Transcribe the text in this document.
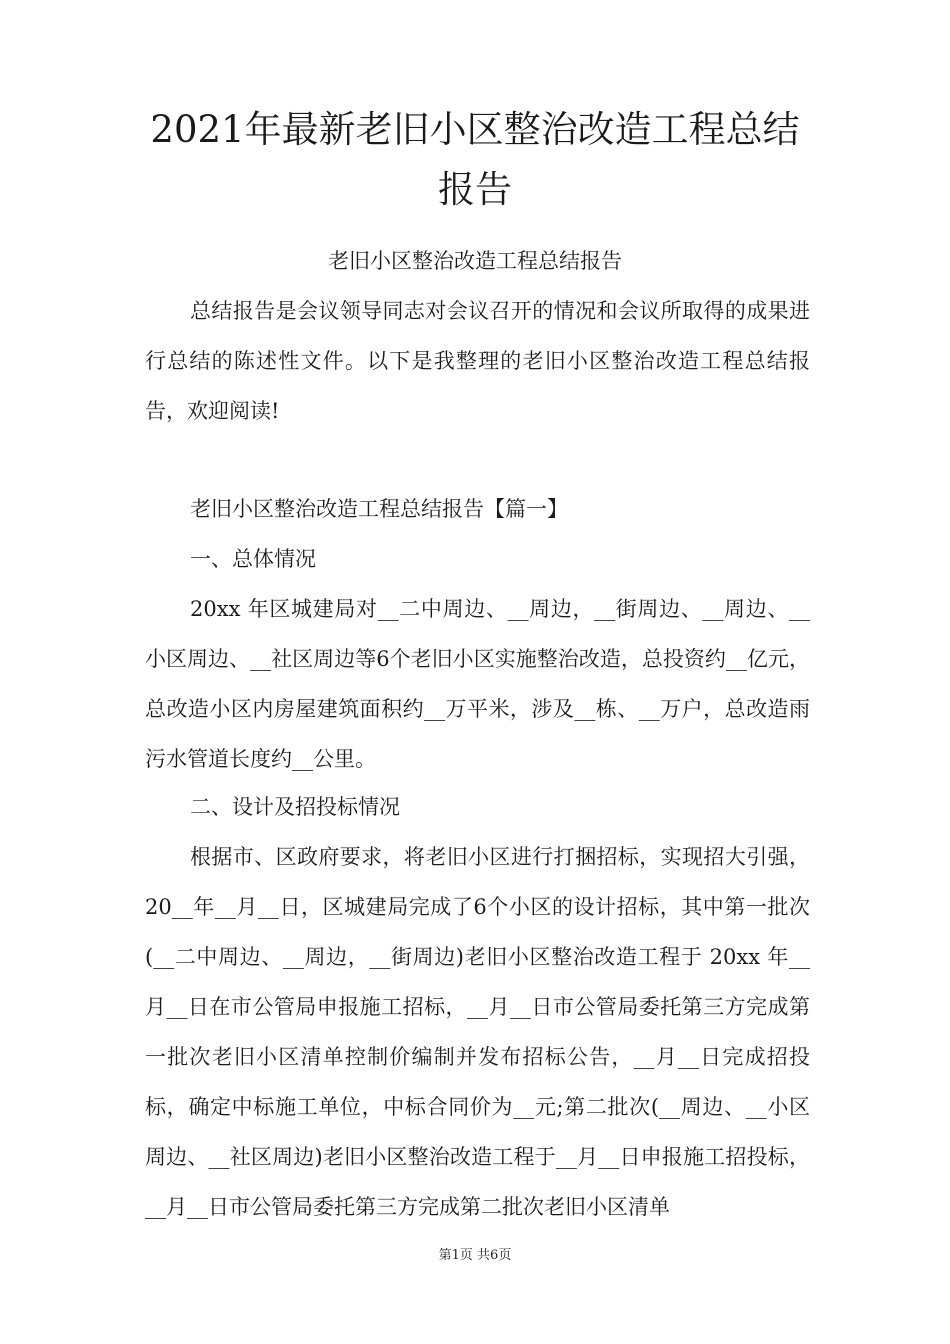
2021年最新老旧小区整治改造工程总结报告

老旧小区整治改造工程总结报告

总结报告是会议领导同志对会议召开的情况和会议所取得的成果进行总结的陈述性文件。以下是我整理的老旧小区整治改造工程总结报告，欢迎阅读!

老旧小区整治改造工程总结报告【篇一】

一、总体情况

20xx 年区城建局对__二中周边、__周边，__街周边、__周边、__小区周边、__社区周边等6个老旧小区实施整治改造，总投资约__亿元，总改造小区内房屋建筑面积约__万平米，涉及__栋、__万户，总改造雨污水管道长度约__公里。

二、设计及招投标情况

根据市、区政府要求，将老旧小区进行打捆招标，实现招大引强，20__年__月__日，区城建局完成了6个小区的设计招标，其中第一批次(__二中周边、__周边，__街周边)老旧小区整治改造工程于 20xx 年__月__日在市公管局申报施工招标，__月__日市公管局委托第三方完成第一批次老旧小区清单控制价编制并发布招标公告，__月__日完成招投标，确定中标施工单位，中标合同价为__元;第二批次(__周边、__小区周边、__社区周边)老旧小区整治改造工程于__月__日申报施工招投标，__月__日市公管局委托第三方完成第二批次老旧小区清单

第1页 共6页
